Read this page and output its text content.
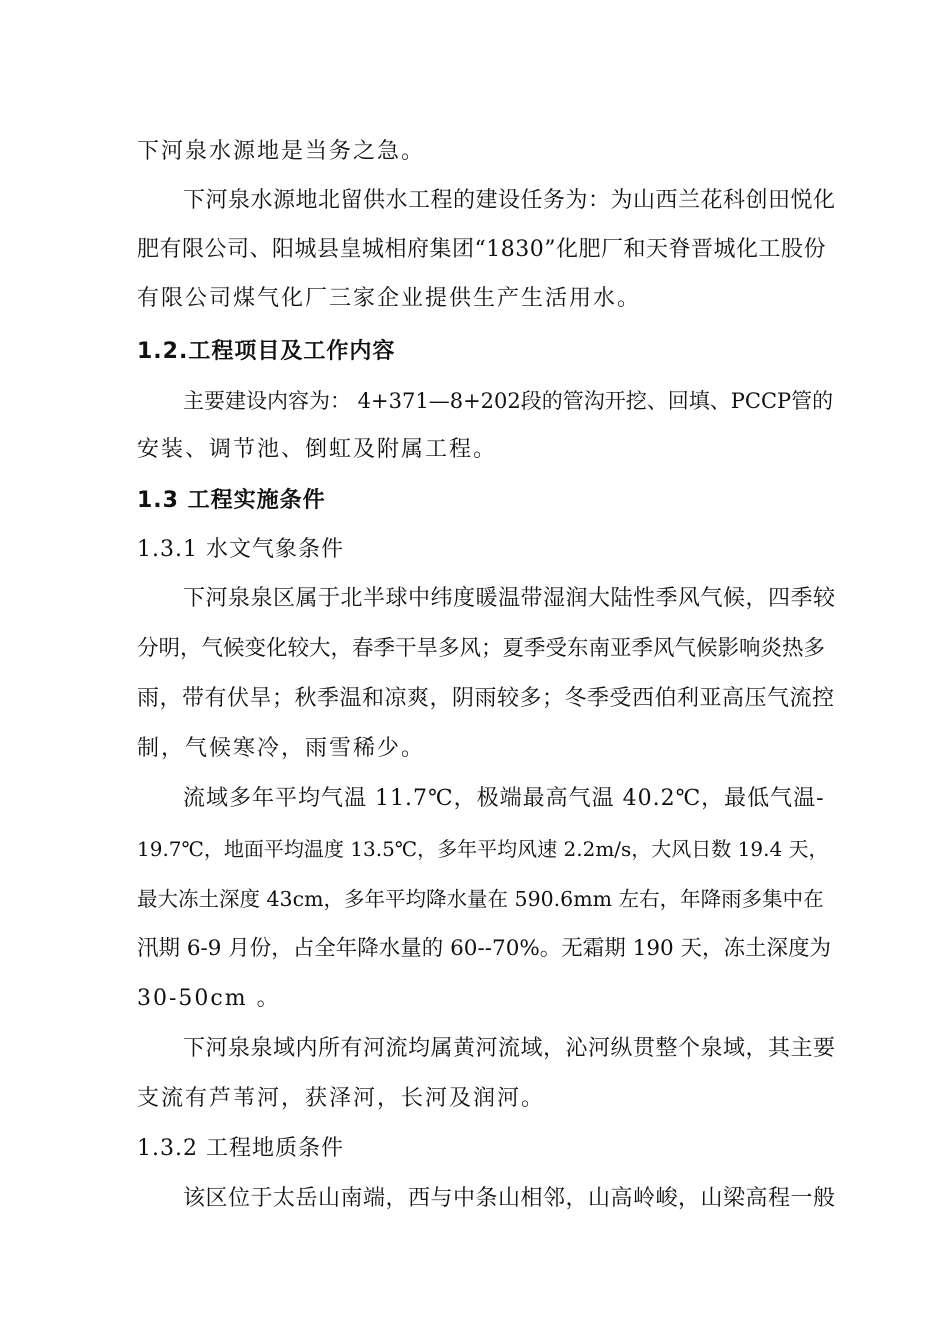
下河泉水源地是当务之急。
下河泉水源地北留供水工程的建设任务为：为山西兰花科创田悦化
肥有限公司、阳城县皇城相府集团“1830”化肥厂和天脊晋城化工股份
有限公司煤气化厂三家企业提供生产生活用水。
1.2.工程项目及工作内容
主要建设内容为： 4+371—8+202段的管沟开挖、回填、PCCP管的
安装、调节池、倒虹及附属工程。
1.3 工程实施条件
1.3.1 水文气象条件
下河泉泉区属于北半球中纬度暖温带湿润大陆性季风气候，四季较
分明，气候变化较大，春季干旱多风；夏季受东南亚季风气候影响炎热多
雨，带有伏旱；秋季温和凉爽，阴雨较多；冬季受西伯利亚高压气流控
制，气候寒冷，雨雪稀少。
流域多年平均气温 11.7℃，极端最高气温 40.2℃，最低气温-
19.7℃，地面平均温度 13.5℃，多年平均风速 2.2m/s，大风日数 19.4 天，
最大冻土深度 43cm，多年平均降水量在 590.6mm 左右，年降雨多集中在
汛期 6-9 月份，占全年降水量的 60--70%。无霜期 190 天，冻土深度为
30-50cm 。
下河泉泉域内所有河流均属黄河流域，沁河纵贯整个泉域，其主要
支流有芦苇河，获泽河，长河及润河。
1.3.2 工程地质条件
该区位于太岳山南端，西与中条山相邻，山高岭峻，山梁高程一般
